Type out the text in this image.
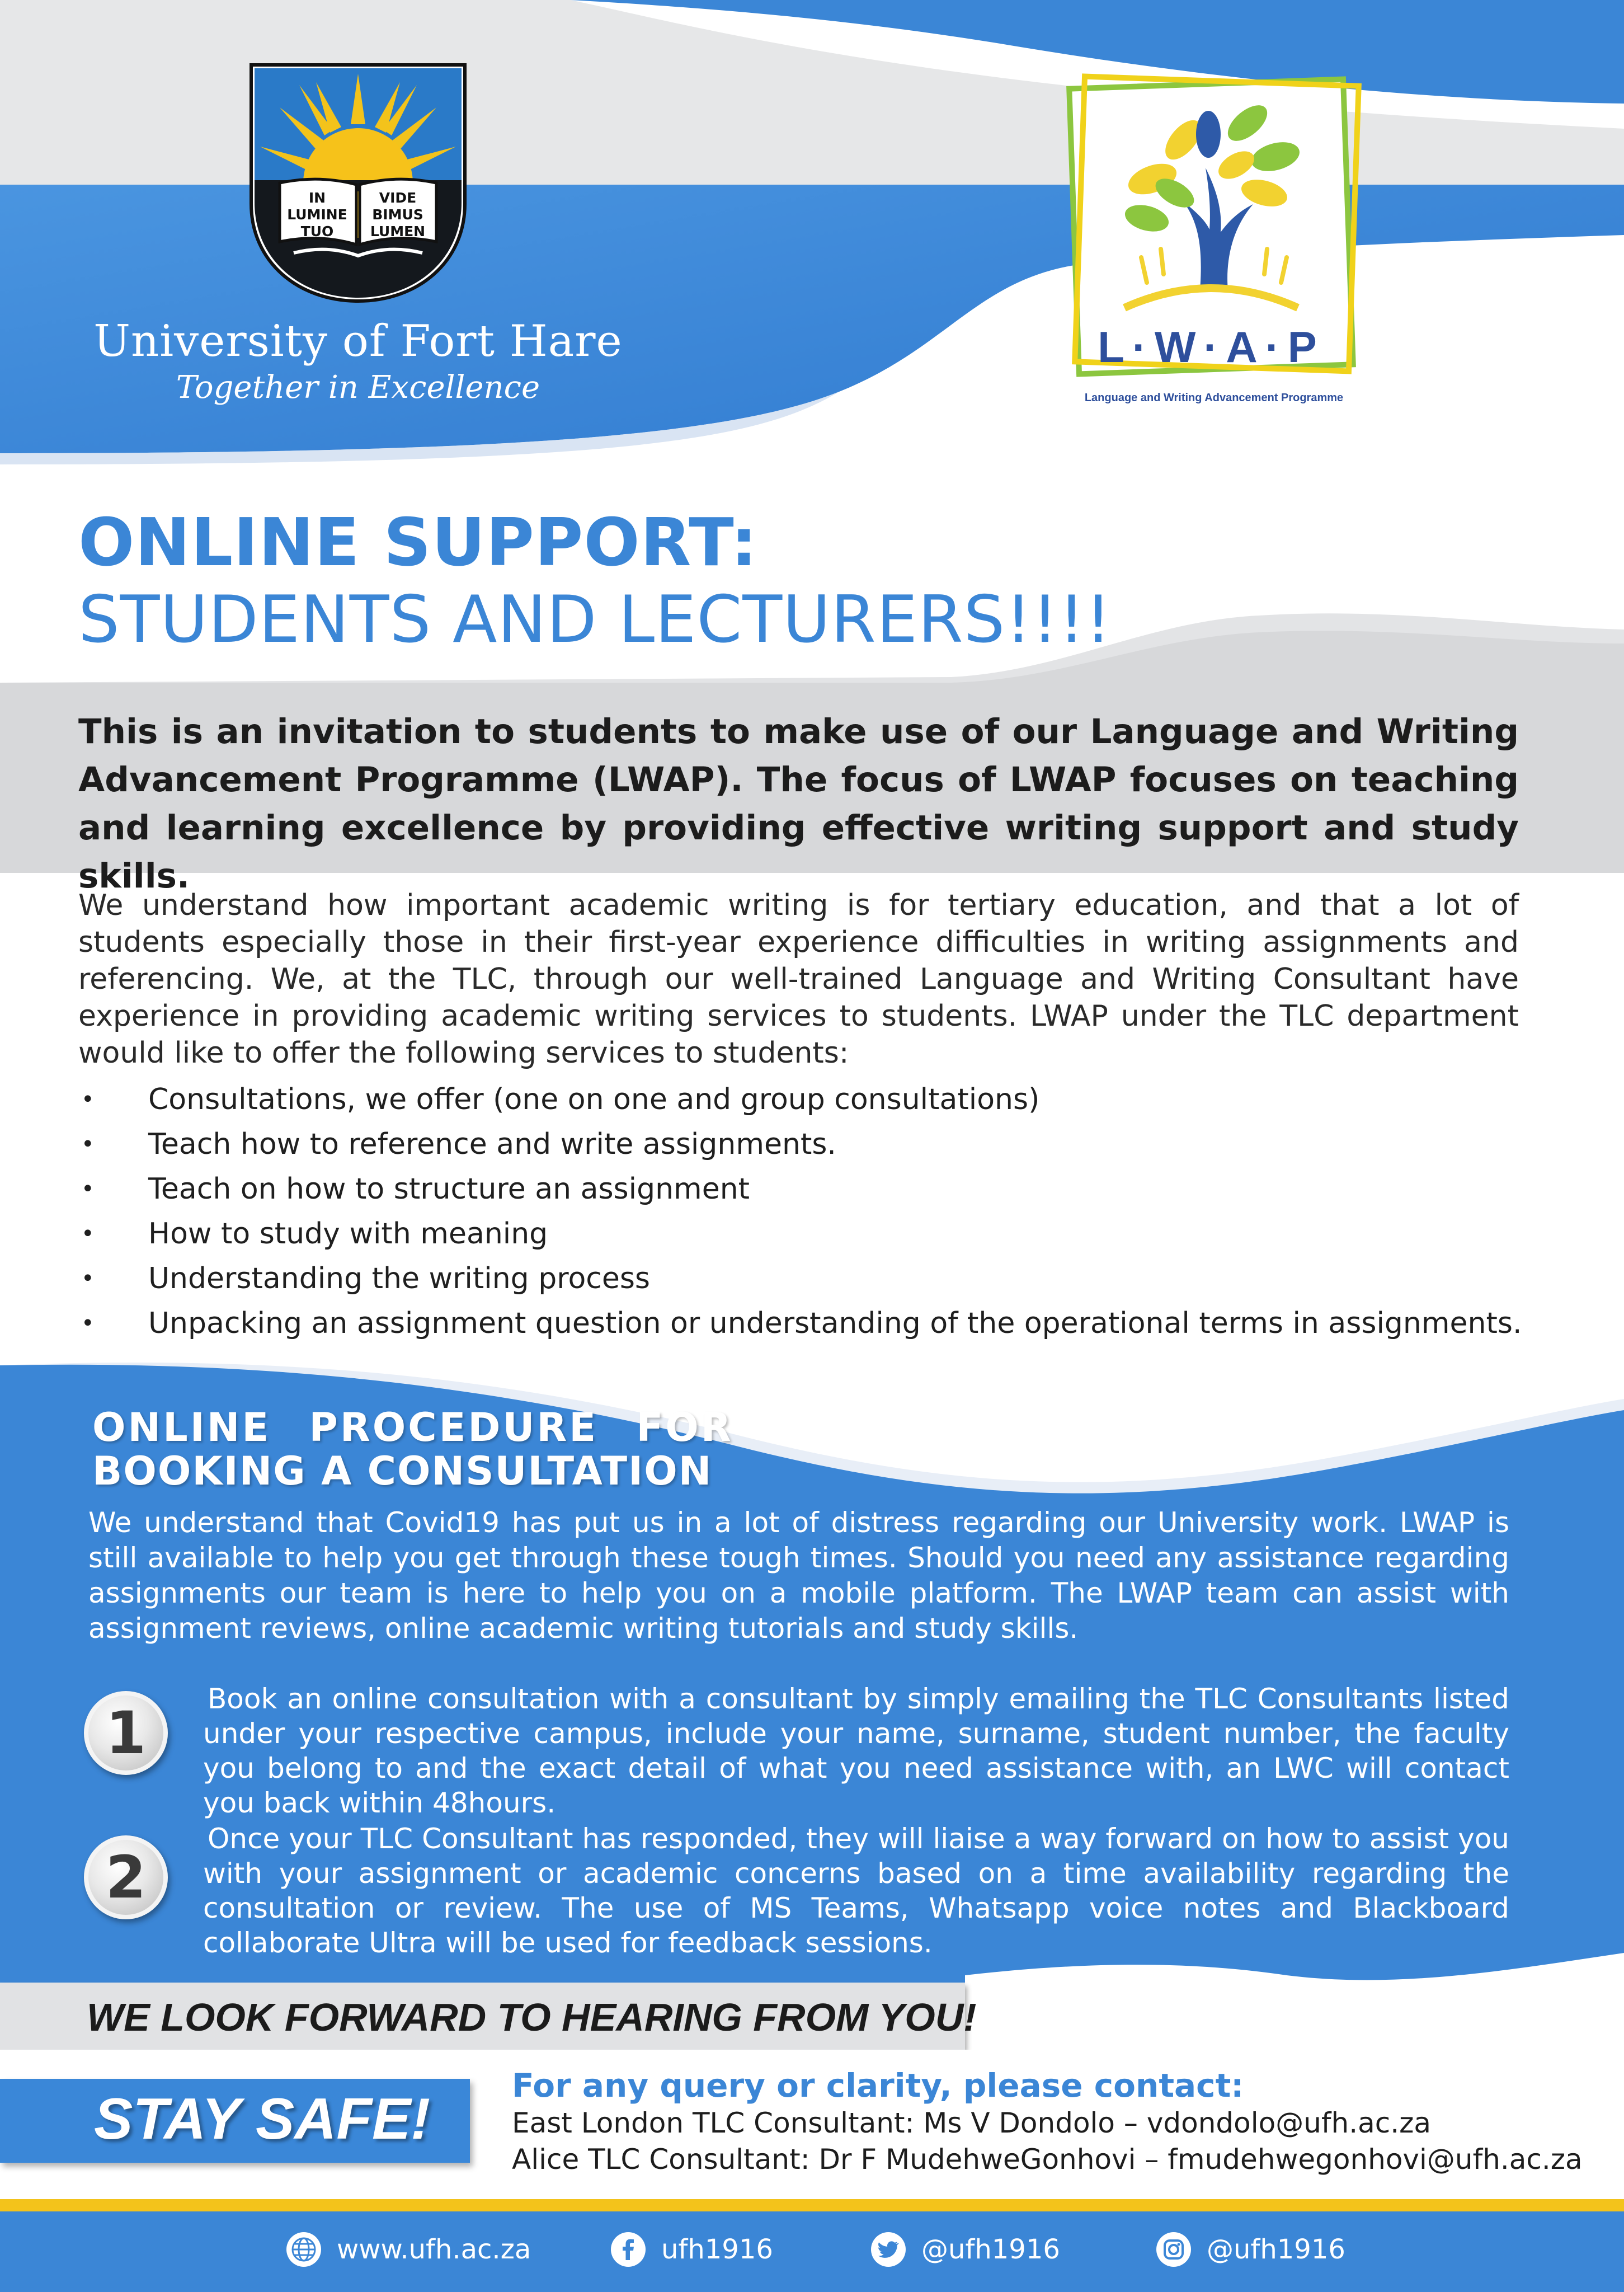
IN
LUMINE
TUO
VIDE
BIMUS
LUMEN
University of Fort Hare
Together in Excellence
L·W·A·P
Language and Writing Advancement Programme
ONLINE SUPPORT:
STUDENTS AND LECTURERS!!!!
This is an invitation to students to make use of our Language and Writing Advancement Programme (LWAP). The focus of LWAP focuses on teaching and learning excellence by providing effective writing support and study skills.
We understand how important academic writing is for tertiary education, and that a lot of students especially those in their first-year experience difficulties in writing assignments and referencing. We, at the TLC, through our well-trained Language and Writing Consultant have experience in providing academic writing services to students. LWAP under the TLC department would like to offer the following services to students:
• Consultations, we offer (one on one and group consultations)
• Teach how to reference and write assignments.
• Teach on how to structure an assignment
• How to study with meaning
• Understanding the writing process
• Unpacking an assignment question or understanding of the operational terms in assignments.
ONLINE PROCEDURE FOR
BOOKING A CONSULTATION
We understand that Covid19 has put us in a lot of distress regarding our University work. LWAP is still available to help you get through these tough times. Should you need any assistance regarding assignments our team is here to help you on a mobile platform. The LWAP team can assist with assignment reviews, online academic writing tutorials and study skills.
1	Book an online consultation with a consultant by simply emailing the TLC Consultants listed under your respective campus, include your name, surname, student number, the faculty you belong to and the exact detail of what you need assistance with, an LWC will contact you back within 48hours.
2
Once your TLC Consultant has responded, they will liaise a way forward on how to assist you with your assignment or academic concerns based on a time availability regarding the consultation or review. The use of MS Teams, Whatsapp voice notes and Blackboard collaborate Ultra will be used for feedback sessions.
WE LOOK FORWARD TO HEARING FROM YOU!
STAY SAFE!
For any query or clarity, please contact:
East London TLC Consultant: Ms V Dondolo – vdondolo@ufh.ac.za
Alice TLC Consultant: Dr F MudehweGonhovi – fmudehwegonhovi@ufh.ac.za
www.ufh.ac.za	ufh1916	@ufh1916	@ufh1916
